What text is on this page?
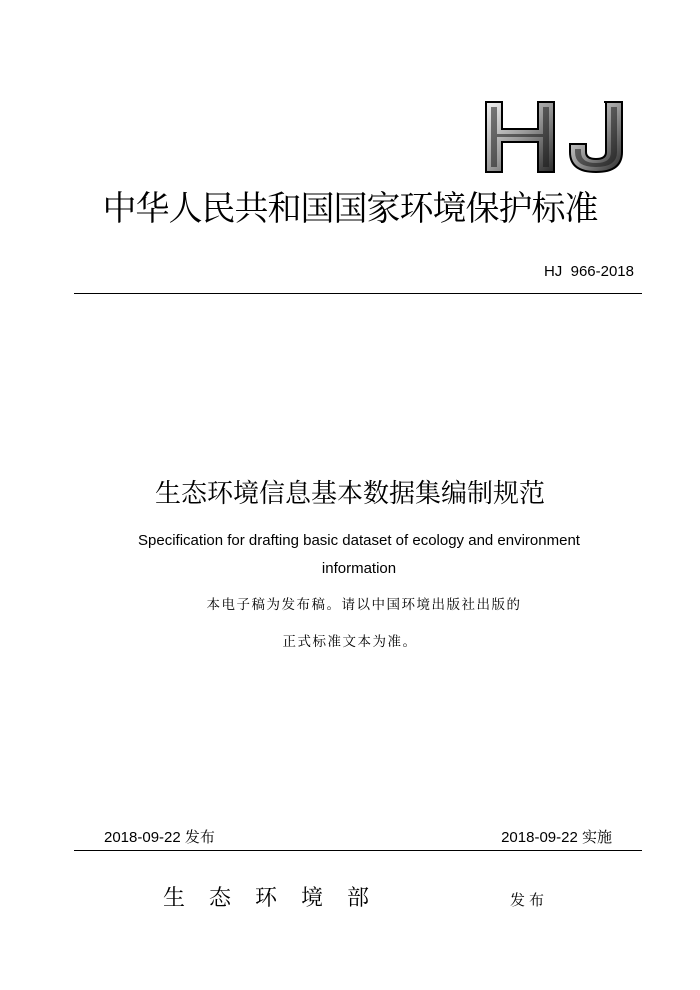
中华人民共和国国家环境保护标准
HJ  966-2018
生态环境信息基本数据集编制规范
Specification for drafting basic dataset of ecology and environment information
本电子稿为发布稿。请以中国环境出版社出版的
正式标准文本为准。
2018-09-22 发布	2018-09-22 实施
生态环境部	发布
